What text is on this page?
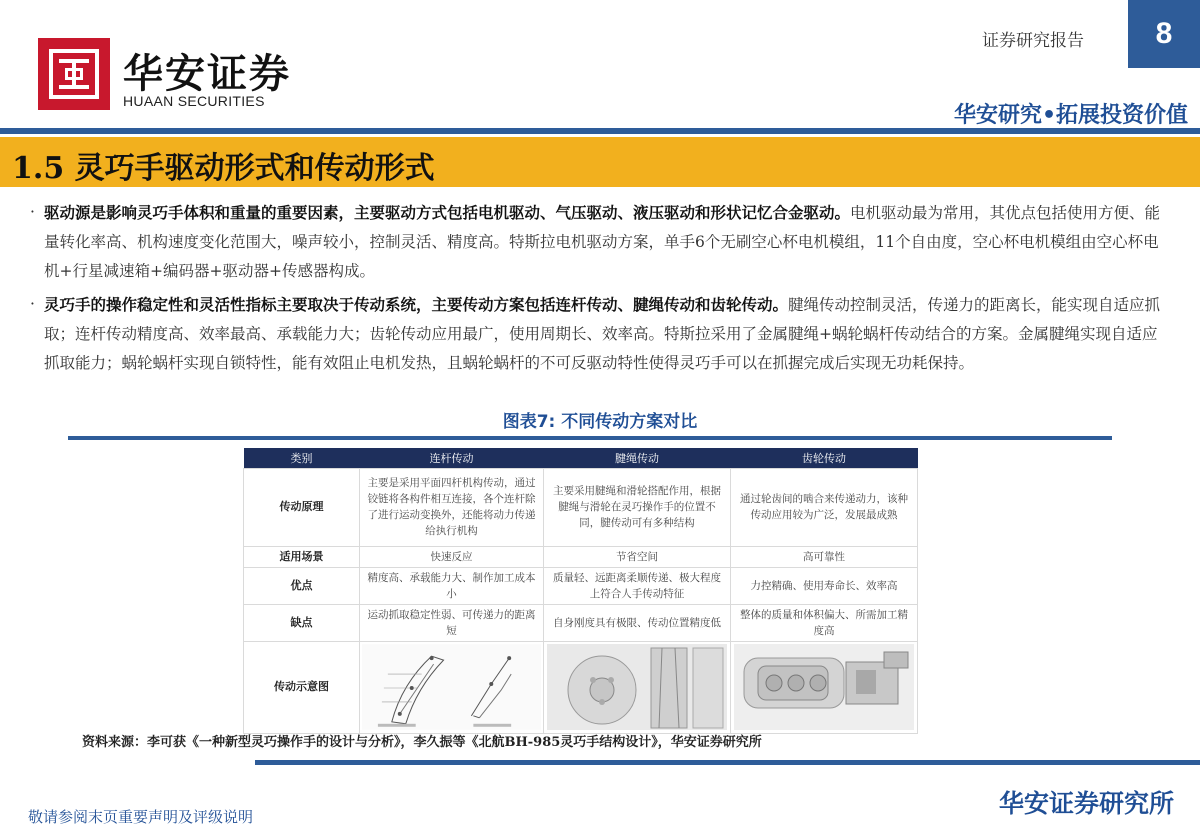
华安证券
HUAAN SECURITIES
证券研究报告	8
华安研究•拓展投资价值
1.5 灵巧手驱动形式和传动形式
· 驱动源是影响灵巧手体积和重量的重要因素，主要驱动方式包括电机驱动、气压驱动、液压驱动和形状记忆合金驱动。电机驱动最为常用，其优点包括使用方便、能量转化率高、机构速度变化范围大，噪声较小，控制灵活、精度高。特斯拉电机驱动方案，单手6个无刷空心杯电机模组，11个自由度，空心杯电机模组由空心杯电机+行星减速箱+编码器+驱动器+传感器构成。
· 灵巧手的操作稳定性和灵活性指标主要取决于传动系统，主要传动方案包括连杆传动、腱绳传动和齿轮传动。腱绳传动控制灵活，传递力的距离长，能实现自适应抓取；连杆传动精度高、效率最高、承载能力大；齿轮传动应用最广，使用周期长、效率高。特斯拉采用了金属腱绳+蜗轮蜗杆传动结合的方案。金属腱绳实现自适应抓取能力；蜗轮蜗杆实现自锁特性，能有效阻止电机发热，且蜗轮蜗杆的不可反驱动特性使得灵巧手可以在抓握完成后实现无功耗保持。
图表7: 不同传动方案对比
类别	连杆传动	腱绳传动	齿轮传动
传动原理	主要是采用平面四杆机构传动，通过铰链将各构件相互连接，各个连杆除了进行运动变换外，还能将动力传递给执行机构	主要采用腱绳和滑轮搭配作用，根据腱绳与滑轮在灵巧操作手的位置不同，腱传动可有多种结构	通过轮齿间的啮合来传递动力，该种传动应用较为广泛，发展最成熟
适用场景	快速反应	节省空间	高可靠性
优点	精度高、承载能力大、制作加工成本小	质量轻、远距离柔顺传递、极大程度上符合人手传动特征	力控精确、使用寿命长、效率高
缺点	运动抓取稳定性弱、可传递力的距离短	自身刚度具有极限、传动位置精度低	整体的质量和体积偏大、所需加工精度高
传动示意图	

资料来源：李可获《一种新型灵巧操作手的设计与分析》，李久振等《北航BH-985灵巧手结构设计》，华安证券研究所
敬请参阅末页重要声明及评级说明	华安证券研究所
